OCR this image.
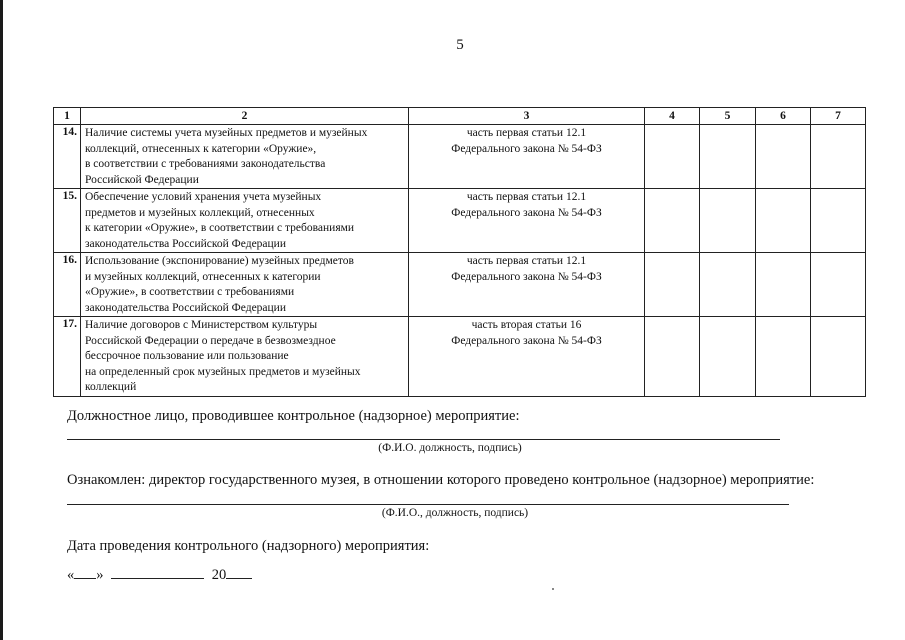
5
1	2	3	4	5	6	7
14.	Наличие системы учета музейных предметов и музейных
коллекций, отнесенных к категории «Оружие»,
в соответствии с требованиями законодательства
Российской Федерации	часть первая статьи 12.1
Федерального закона № 54-ФЗ				

15.	Обеспечение условий хранения учета музейных
предметов и музейных коллекций, отнесенных
к категории «Оружие», в соответствии с требованиями
законодательства Российской Федерации	часть первая статьи 12.1
Федерального закона № 54-ФЗ				

16.	Использование (экспонирование) музейных предметов
и музейных коллекций, отнесенных к категории
«Оружие», в соответствии с требованиями
законодательства Российской Федерации	часть первая статьи 12.1
Федерального закона № 54-ФЗ				

17.	Наличие договоров с Министерством культуры
Российской Федерации о передаче в безвозмездное
бессрочное пользование или пользование
на определенный срок музейных предметов и музейных
коллекций	часть вторая статьи 16
Федерального закона № 54-ФЗ				

Должностное лицо, проводившее контрольное (надзорное) мероприятие:
(Ф.И.О. должность, подпись)
Ознакомлен: директор государственного музея, в отношении которого проведено контрольное (надзорное) мероприятие:
(Ф.И.О., должность, подпись)
Дата проведения контрольного (надзорного) мероприятия:
« »	20
